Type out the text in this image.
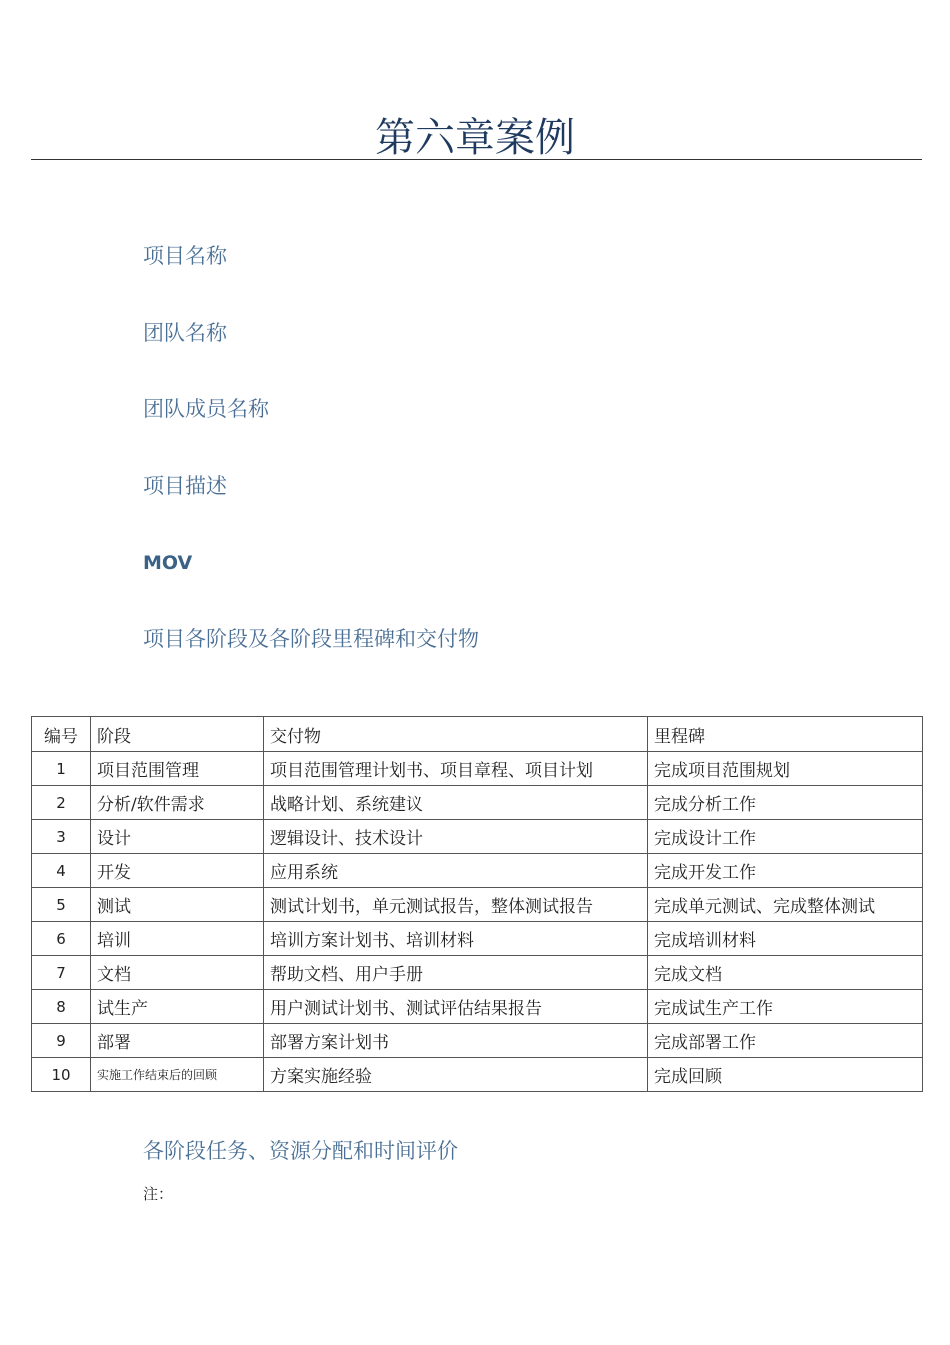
第六章案例
项目名称
团队名称
团队成员名称
项目描述
MOV
项目各阶段及各阶段里程碑和交付物
编号	阶段	交付物	里程碑
1	项目范围管理	项目范围管理计划书、项目章程、项目计划	完成项目范围规划
2	分析/软件需求	战略计划、系统建议	完成分析工作
3	设计	逻辑设计、技术设计	完成设计工作
4	开发	应用系统	完成开发工作
5	测试	测试计划书，单元测试报告，整体测试报告	完成单元测试、完成整体测试
6	培训	培训方案计划书、培训材料	完成培训材料
7	文档	帮助文档、用户手册	完成文档
8	试生产	用户测试计划书、测试评估结果报告	完成试生产工作
9	部署	部署方案计划书	完成部署工作
10	实施工作结束后的回顾	方案实施经验	完成回顾
各阶段任务、资源分配和时间评价

注：
